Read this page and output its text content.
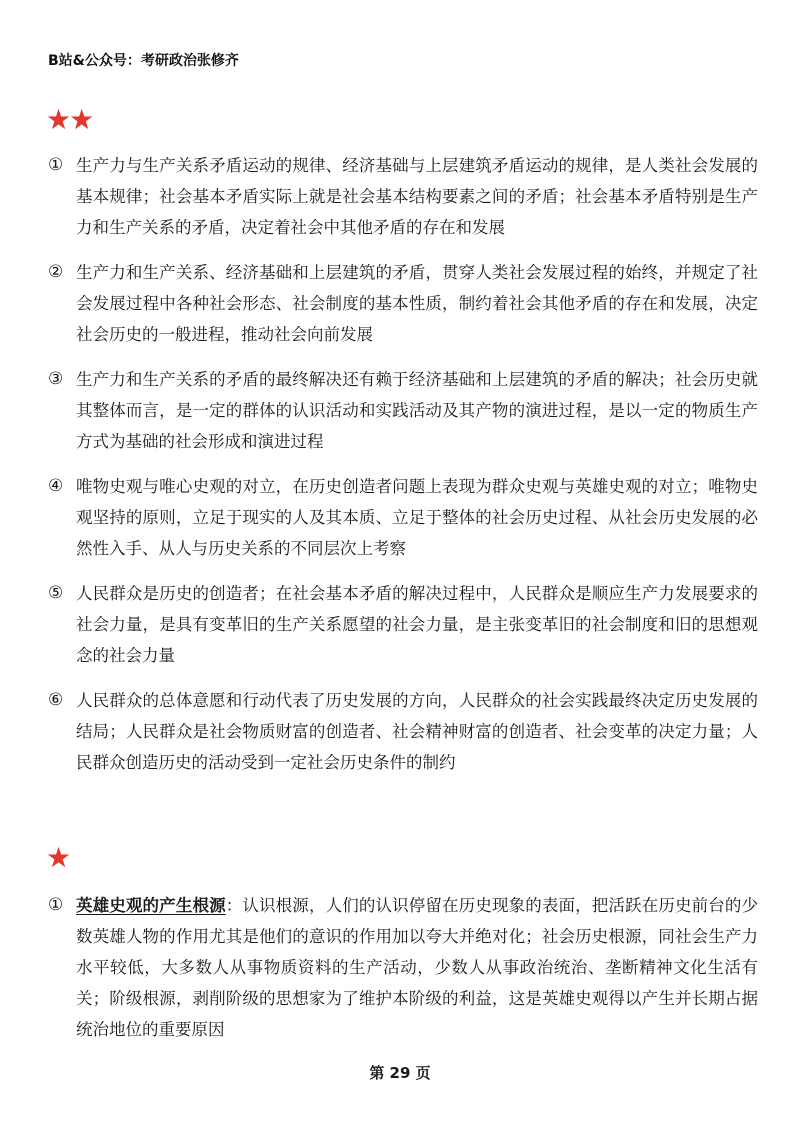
B站&公众号：考研政治张修齐
★★
① 生产力与生产关系矛盾运动的规律、经济基础与上层建筑矛盾运动的规律，是人类社会发展的基本规律；社会基本矛盾实际上就是社会基本结构要素之间的矛盾；社会基本矛盾特别是生产力和生产关系的矛盾，决定着社会中其他矛盾的存在和发展
② 生产力和生产关系、经济基础和上层建筑的矛盾，贯穿人类社会发展过程的始终，并规定了社会发展过程中各种社会形态、社会制度的基本性质，制约着社会其他矛盾的存在和发展，决定社会历史的一般进程，推动社会向前发展
③ 生产力和生产关系的矛盾的最终解决还有赖于经济基础和上层建筑的矛盾的解决；社会历史就其整体而言，是一定的群体的认识活动和实践活动及其产物的演进过程，是以一定的物质生产方式为基础的社会形成和演进过程
④ 唯物史观与唯心史观的对立，在历史创造者问题上表现为群众史观与英雄史观的对立；唯物史观坚持的原则，立足于现实的人及其本质、立足于整体的社会历史过程、从社会历史发展的必然性入手、从人与历史关系的不同层次上考察
⑤ 人民群众是历史的创造者；在社会基本矛盾的解决过程中，人民群众是顺应生产力发展要求的社会力量，是具有变革旧的生产关系愿望的社会力量，是主张变革旧的社会制度和旧的思想观念的社会力量
⑥ 人民群众的总体意愿和行动代表了历史发展的方向，人民群众的社会实践最终决定历史发展的结局；人民群众是社会物质财富的创造者、社会精神财富的创造者、社会变革的决定力量；人民群众创造历史的活动受到一定社会历史条件的制约
★
① 英雄史观的产生根源：认识根源，人们的认识停留在历史现象的表面，把活跃在历史前台的少数英雄人物的作用尤其是他们的意识的作用加以夸大并绝对化；社会历史根源，同社会生产力水平较低，大多数人从事物质资料的生产活动，少数人从事政治统治、垄断精神文化生活有关；阶级根源，剥削阶级的思想家为了维护本阶级的利益，这是英雄史观得以产生并长期占据统治地位的重要原因
第 29 页
